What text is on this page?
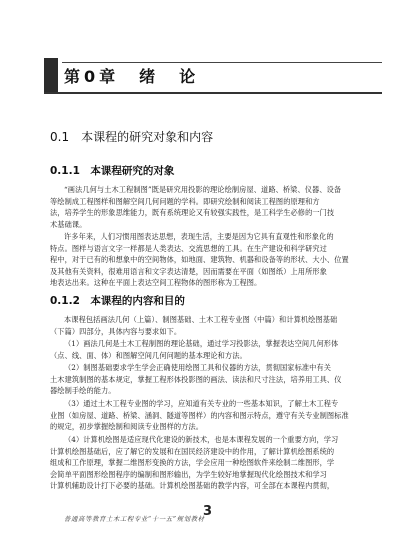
第0章　绪　论
0.1　本课程的研究对象和内容
0.1.1　本课程研究的对象
“画法几何与土木工程制图”既是研究用投影的理论绘制房屋、道路、桥梁、仪器、设备
等绘制成工程图样和图解空间几何问题的学科。即研究绘制和阅读工程图的原理和方
法，培养学生的形象思维能力，既有系统理论又有较强实践性，是工科学生必修的一门技
术基础课。
许多年来，人们习惯用图表达思想，表现生活，主要是因为它具有直观性和形象化的
特点。图样与语言文字一样都是人类表达、交流思想的工具。在生产建设和科学研究过
程中，对于已有的和想象中的空间物体，如地面、建筑物、机器和设备等的形状、大小、位置
及其他有关资料，很难用语言和文字表达清楚，因而需要在平面（如图纸）上用所形象
地表达出来。这种在平面上表达空间工程物体的图形称为工程图。
0.1.2　本课程的内容和目的
本课程包括画法几何（上篇）、制图基础、土木工程专业图（中篇）和计算机绘图基础
（下篇）四部分，具体内容与要求如下。
（1）画法几何是土木工程制图的理论基础，通过学习投影法，掌握表达空间几何形体
（点、线、面、体）和图解空间几何问题的基本理论和方法。
（2）制图基础要求学生学会正确使用绘图工具和仪器的方法，贯彻国家标准中有关
土木建筑制图的基本规定，掌握工程形体投影图的画法、读法和尺寸注法，培养用工具、仪
器绘制手绘的能力。
（3）通过土木工程专业图的学习，应知道有关专业的一些基本知识，了解土木工程专
业图（如房屋、道路、桥梁、涵洞、隧道等图样）的内容和图示特点，遵守有关专业制图标准
的规定，初步掌握绘制和阅读专业图样的方法。
（4）计算机绘图是适应现代化建设的新技术，也是本课程发展的一个重要方向，学习
计算机绘图基础后，应了解它的发展和在国民经济建设中的作用，了解计算机绘图系统的
组成和工作原理，掌握二维图形变换的方法，学会应用一种绘图软件来绘制二维图形，学
会简单平面图形绘图程序的编制和图形输出，为学生较好地掌握现代化绘图技术和学习
计算机辅助设计打下必要的基础。计算机绘图基础的教学内容，可全部在本课程内贯彻，
普通高等教育土木工程专业“十一五”规划教材
3
